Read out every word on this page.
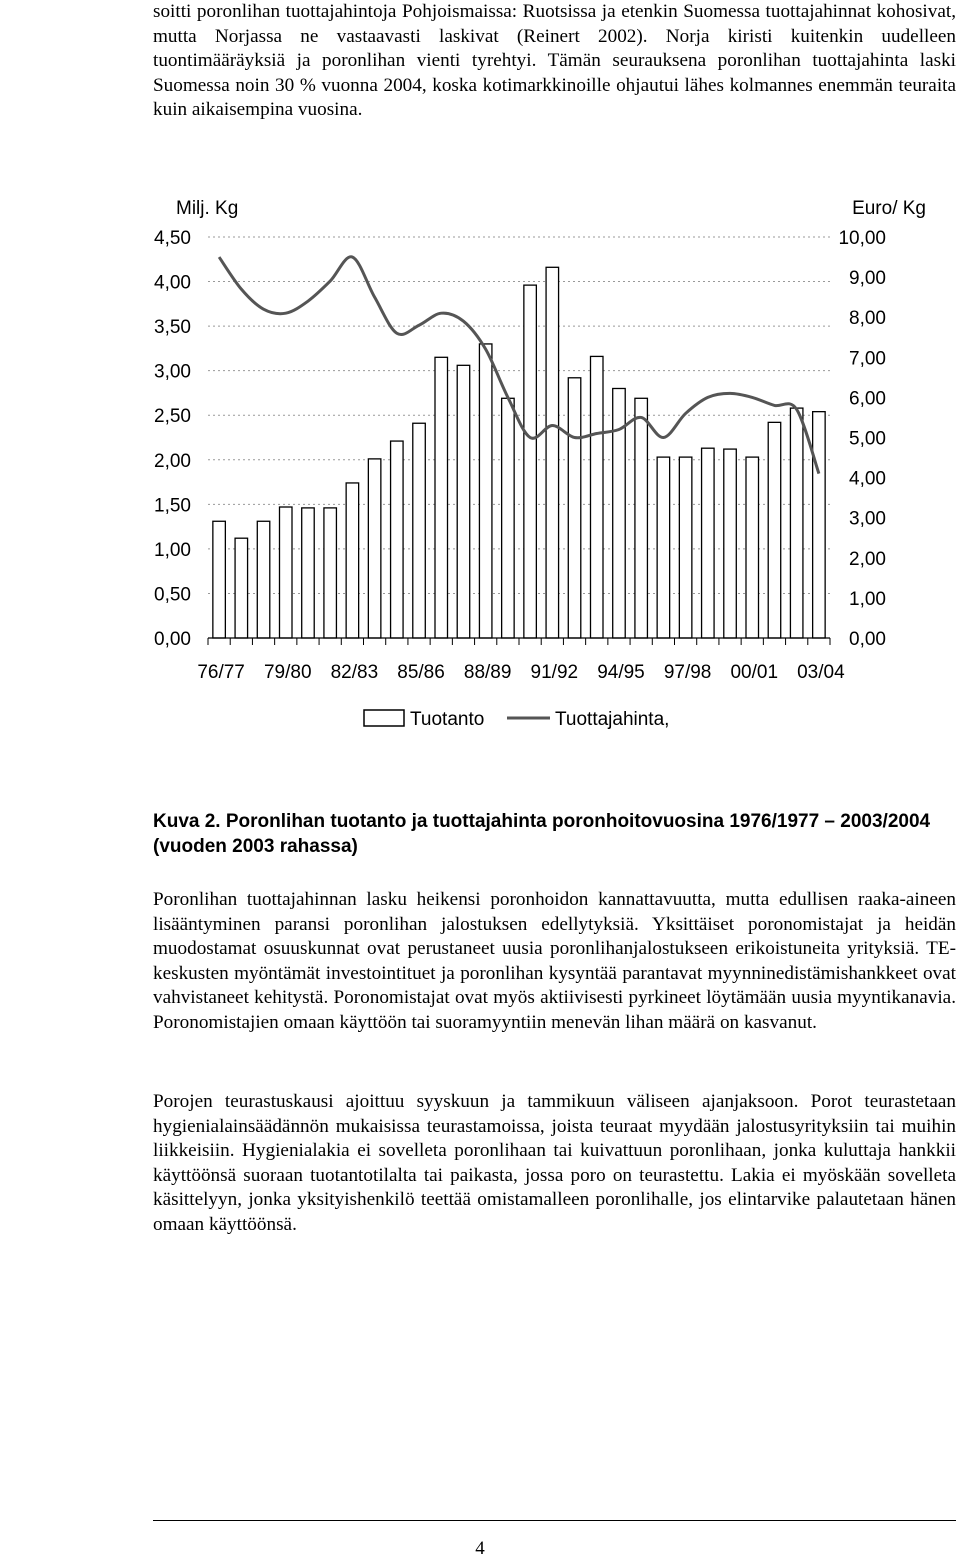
soitti poronlihan tuottajahintoja Pohjoismaissa: Ruotsissa ja etenkin Suomessa tuottajahinnat kohosivat, mutta Norjassa ne vastaavasti laskivat (Reinert 2002). Norja kiristi kuitenkin uudelleen tuontimääräyksiä ja poronlihan vienti tyrehtyi. Tämän seurauksena poronlihan tuottajahinta laski Suomessa noin 30 % vuonna 2004, koska kotimarkkinoille ohjautui lähes kolmannes enemmän teuraita kuin aikaisempina vuosina.

Milj. Kg	Euro/ Kg
0,00
0,50
1,00
1,50
2,00
2,50
3,00
3,50
4,00
4,50
0,00
1,00
2,00
3,00
4,00
5,00
6,00
7,00
8,00
9,00
10,00
76/77 79/80 82/83 85/86 88/89 91/92 94/95 97/98 00/01 03/04
Tuotanto	Tuottajahinta,

Kuva 2. Poronlihan tuotanto ja tuottajahinta poronhoitovuosina 1976/1977 – 2003/2004 (vuoden 2003 rahassa)

Poronlihan tuottajahinnan lasku heikensi poronhoidon kannattavuutta, mutta edullisen raaka-aineen lisääntyminen paransi poronlihan jalostuksen edellytyksiä. Yksittäiset poronomistajat ja heidän muodostamat osuuskunnat ovat perustaneet uusia poronlihanjalostukseen erikoistuneita yrityksiä. TE-keskusten myöntämät investointituet ja poronlihan kysyntää parantavat myynninedistämishankkeet ovat vahvistaneet kehitystä. Poronomistajat ovat myös aktiivisesti pyrkineet löytämään uusia myyntikanavia. Poronomistajien omaan käyttöön tai suoramyyntiin menevän lihan määrä on kasvanut.

Porojen teurastuskausi ajoittuu syyskuun ja tammikuun väliseen ajanjaksoon. Porot teurastetaan hygienialainsäädännön mukaisissa teurastamoissa, joista teuraat myydään jalostusyrityksiin tai muihin liikkeisiin. Hygienialakia ei sovelleta poronlihaan tai kuivattuun poronlihaan, jonka kuluttaja hankkii käyttöönsä suoraan tuotantotilalta tai paikasta, jossa poro on teurastettu. Lakia ei myöskään sovelleta käsittelyyn, jonka yksityishenkilö teettää omistamalleen poronlihalle, jos elintarvike palautetaan hänen omaan käyttöönsä.

4
